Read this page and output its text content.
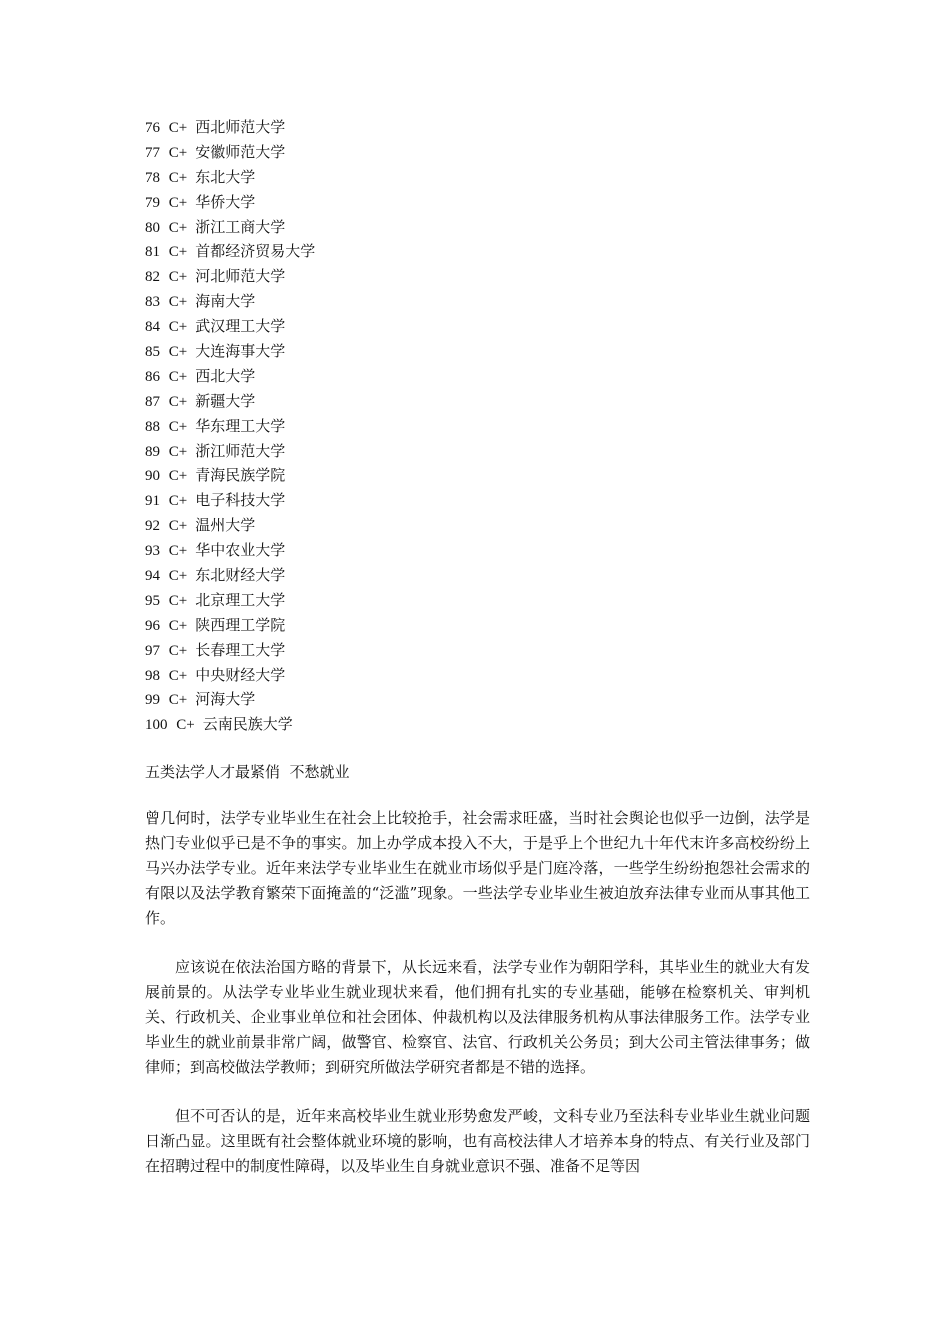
76 C+ 西北师范大学
77 C+ 安徽师范大学
78 C+ 东北大学
79 C+ 华侨大学
80 C+ 浙江工商大学
81 C+ 首都经济贸易大学
82 C+ 河北师范大学
83 C+ 海南大学
84 C+ 武汉理工大学
85 C+ 大连海事大学
86 C+ 西北大学
87 C+ 新疆大学
88 C+ 华东理工大学
89 C+ 浙江师范大学
90 C+ 青海民族学院
91 C+ 电子科技大学
92 C+ 温州大学
93 C+ 华中农业大学
94 C+ 东北财经大学
95 C+ 北京理工大学
96 C+ 陕西理工学院
97 C+ 长春理工大学
98 C+ 中央财经大学
99 C+ 河海大学
100 C+ 云南民族大学
五类法学人才最紧俏  不愁就业

曾几何时，法学专业毕业生在社会上比较抢手，社会需求旺盛，当时社会舆论也似乎一边倒，法学是热门专业似乎已是不争的事实。加上办学成本投入不大，于是乎上个世纪九十年代末许多高校纷纷上马兴办法学专业。近年来法学专业毕业生在就业市场似乎是门庭冷落，一些学生纷纷抱怨社会需求的有限以及法学教育繁荣下面掩盖的“泛滥”现象。一些法学专业毕业生被迫放弃法律专业而从事其他工作。

应该说在依法治国方略的背景下，从长远来看，法学专业作为朝阳学科，其毕业生的就业大有发展前景的。从法学专业毕业生就业现状来看，他们拥有扎实的专业基础，能够在检察机关、审判机关、行政机关、企业事业单位和社会团体、仲裁机构以及法律服务机构从事法律服务工作。法学专业毕业生的就业前景非常广阔，做警官、检察官、法官、行政机关公务员；到大公司主管法律事务；做律师；到高校做法学教师；到研究所做法学研究者都是不错的选择。

但不可否认的是，近年来高校毕业生就业形势愈发严峻，文科专业乃至法科专业毕业生就业问题日渐凸显。这里既有社会整体就业环境的影响，也有高校法律人才培养本身的特点、有关行业及部门在招聘过程中的制度性障碍，以及毕业生自身就业意识不强、准备不足等因
